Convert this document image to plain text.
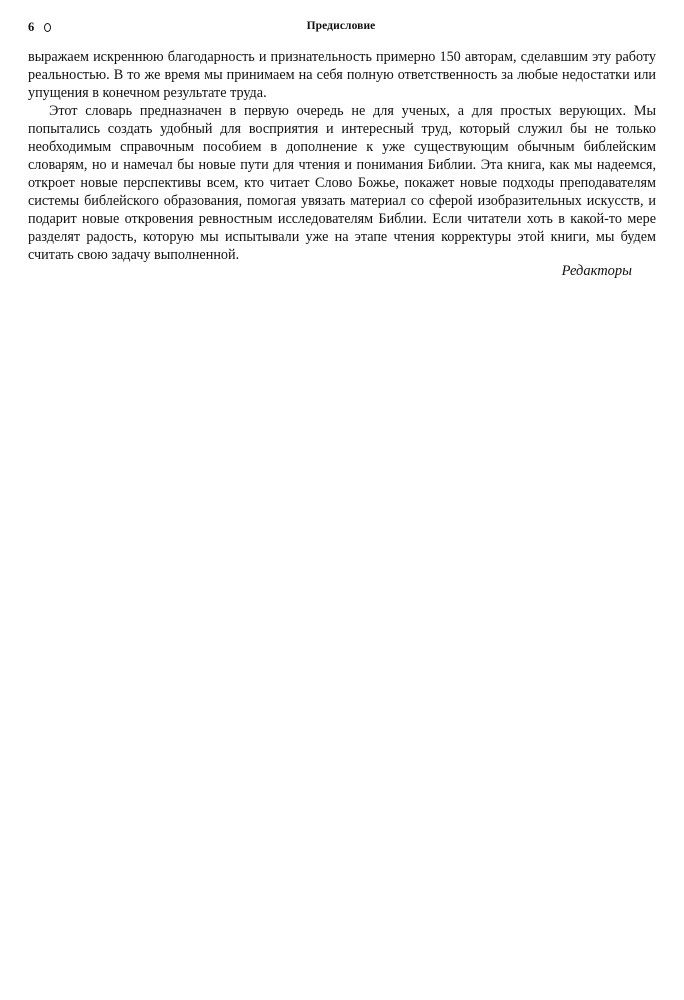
6	Предисловие

выражаем искреннюю благодарность и признательность примерно 150 авторам, сделавшим эту работу реальностью. В то же время мы принимаем на себя полную ответственность за любые недостатки или упущения в конечном результате труда.

Этот словарь предназначен в первую очередь не для ученых, а для простых верующих. Мы попытались создать удобный для восприятия и интересный труд, который служил бы не только необходимым справочным пособием в дополнение к уже существующим обычным библейским словарям, но и намечал бы новые пути для чтения и понимания Библии. Эта книга, как мы надеемся, откроет новые перспективы всем, кто читает Слово Божье, покажет новые подходы преподавателям системы библейского образования, помогая увязать материал со сферой изобразительных искусств, и подарит новые откровения ревностным исследователям Библии. Если читатели хоть в какой-то мере разделят радость, которую мы испытывали уже на этапе чтения корректуры этой книги, мы будем считать свою задачу выполненной.

Редакторы
